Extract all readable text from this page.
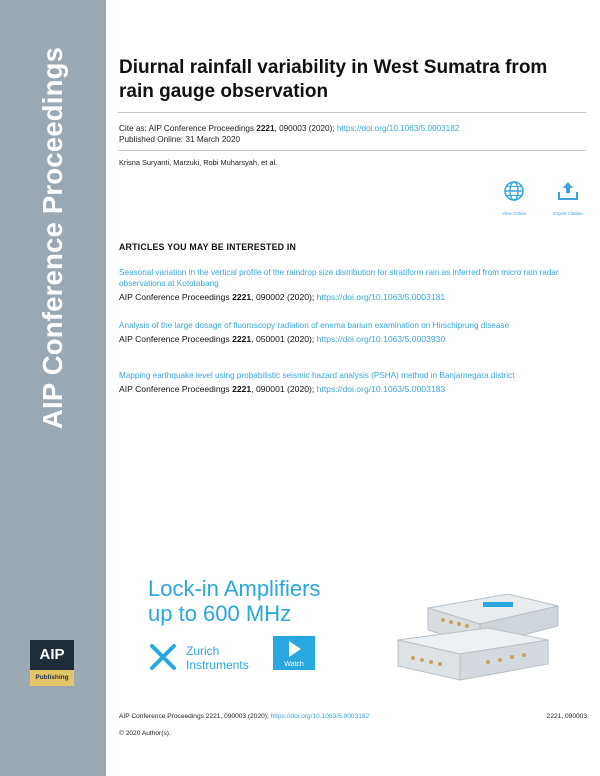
AIP Conference Proceedings
AIP
Publishing
Diurnal rainfall variability in West Sumatra from rain gauge observation
Cite as: AIP Conference Proceedings 2221, 090003 (2020); https://doi.org/10.1063/5.0003182
Published Online: 31 March 2020
Krisna Suryanti, Marzuki, Robi Muharsyah, et al.
View Online	Export Citation
ARTICLES YOU MAY BE INTERESTED IN
Seasonal variation in the vertical profile of the raindrop size distribution for stratiform rain as inferred from micro rain radar observations at Kototabang
AIP Conference Proceedings 2221, 090002 (2020); https://doi.org/10.1063/5.0003181
Analysis of the large dosage of fluoroscopy radiation of enema barium examination on Hirschiprung disease
AIP Conference Proceedings 2221, 050001 (2020); https://doi.org/10.1063/5.0003930
Mapping earthquake level using probabilistic seismic hazard analysis (PSHA) method in Banjarnegara district
AIP Conference Proceedings 2221, 090001 (2020); https://doi.org/10.1063/5.0003183
Lock-in Amplifiers
up to 600 MHz
Zurich
Instruments	Watch
AIP Conference Proceedings 2221, 090003 (2020); https://doi.org/10.1063/5.0003182	2221, 090003
© 2020 Author(s).
